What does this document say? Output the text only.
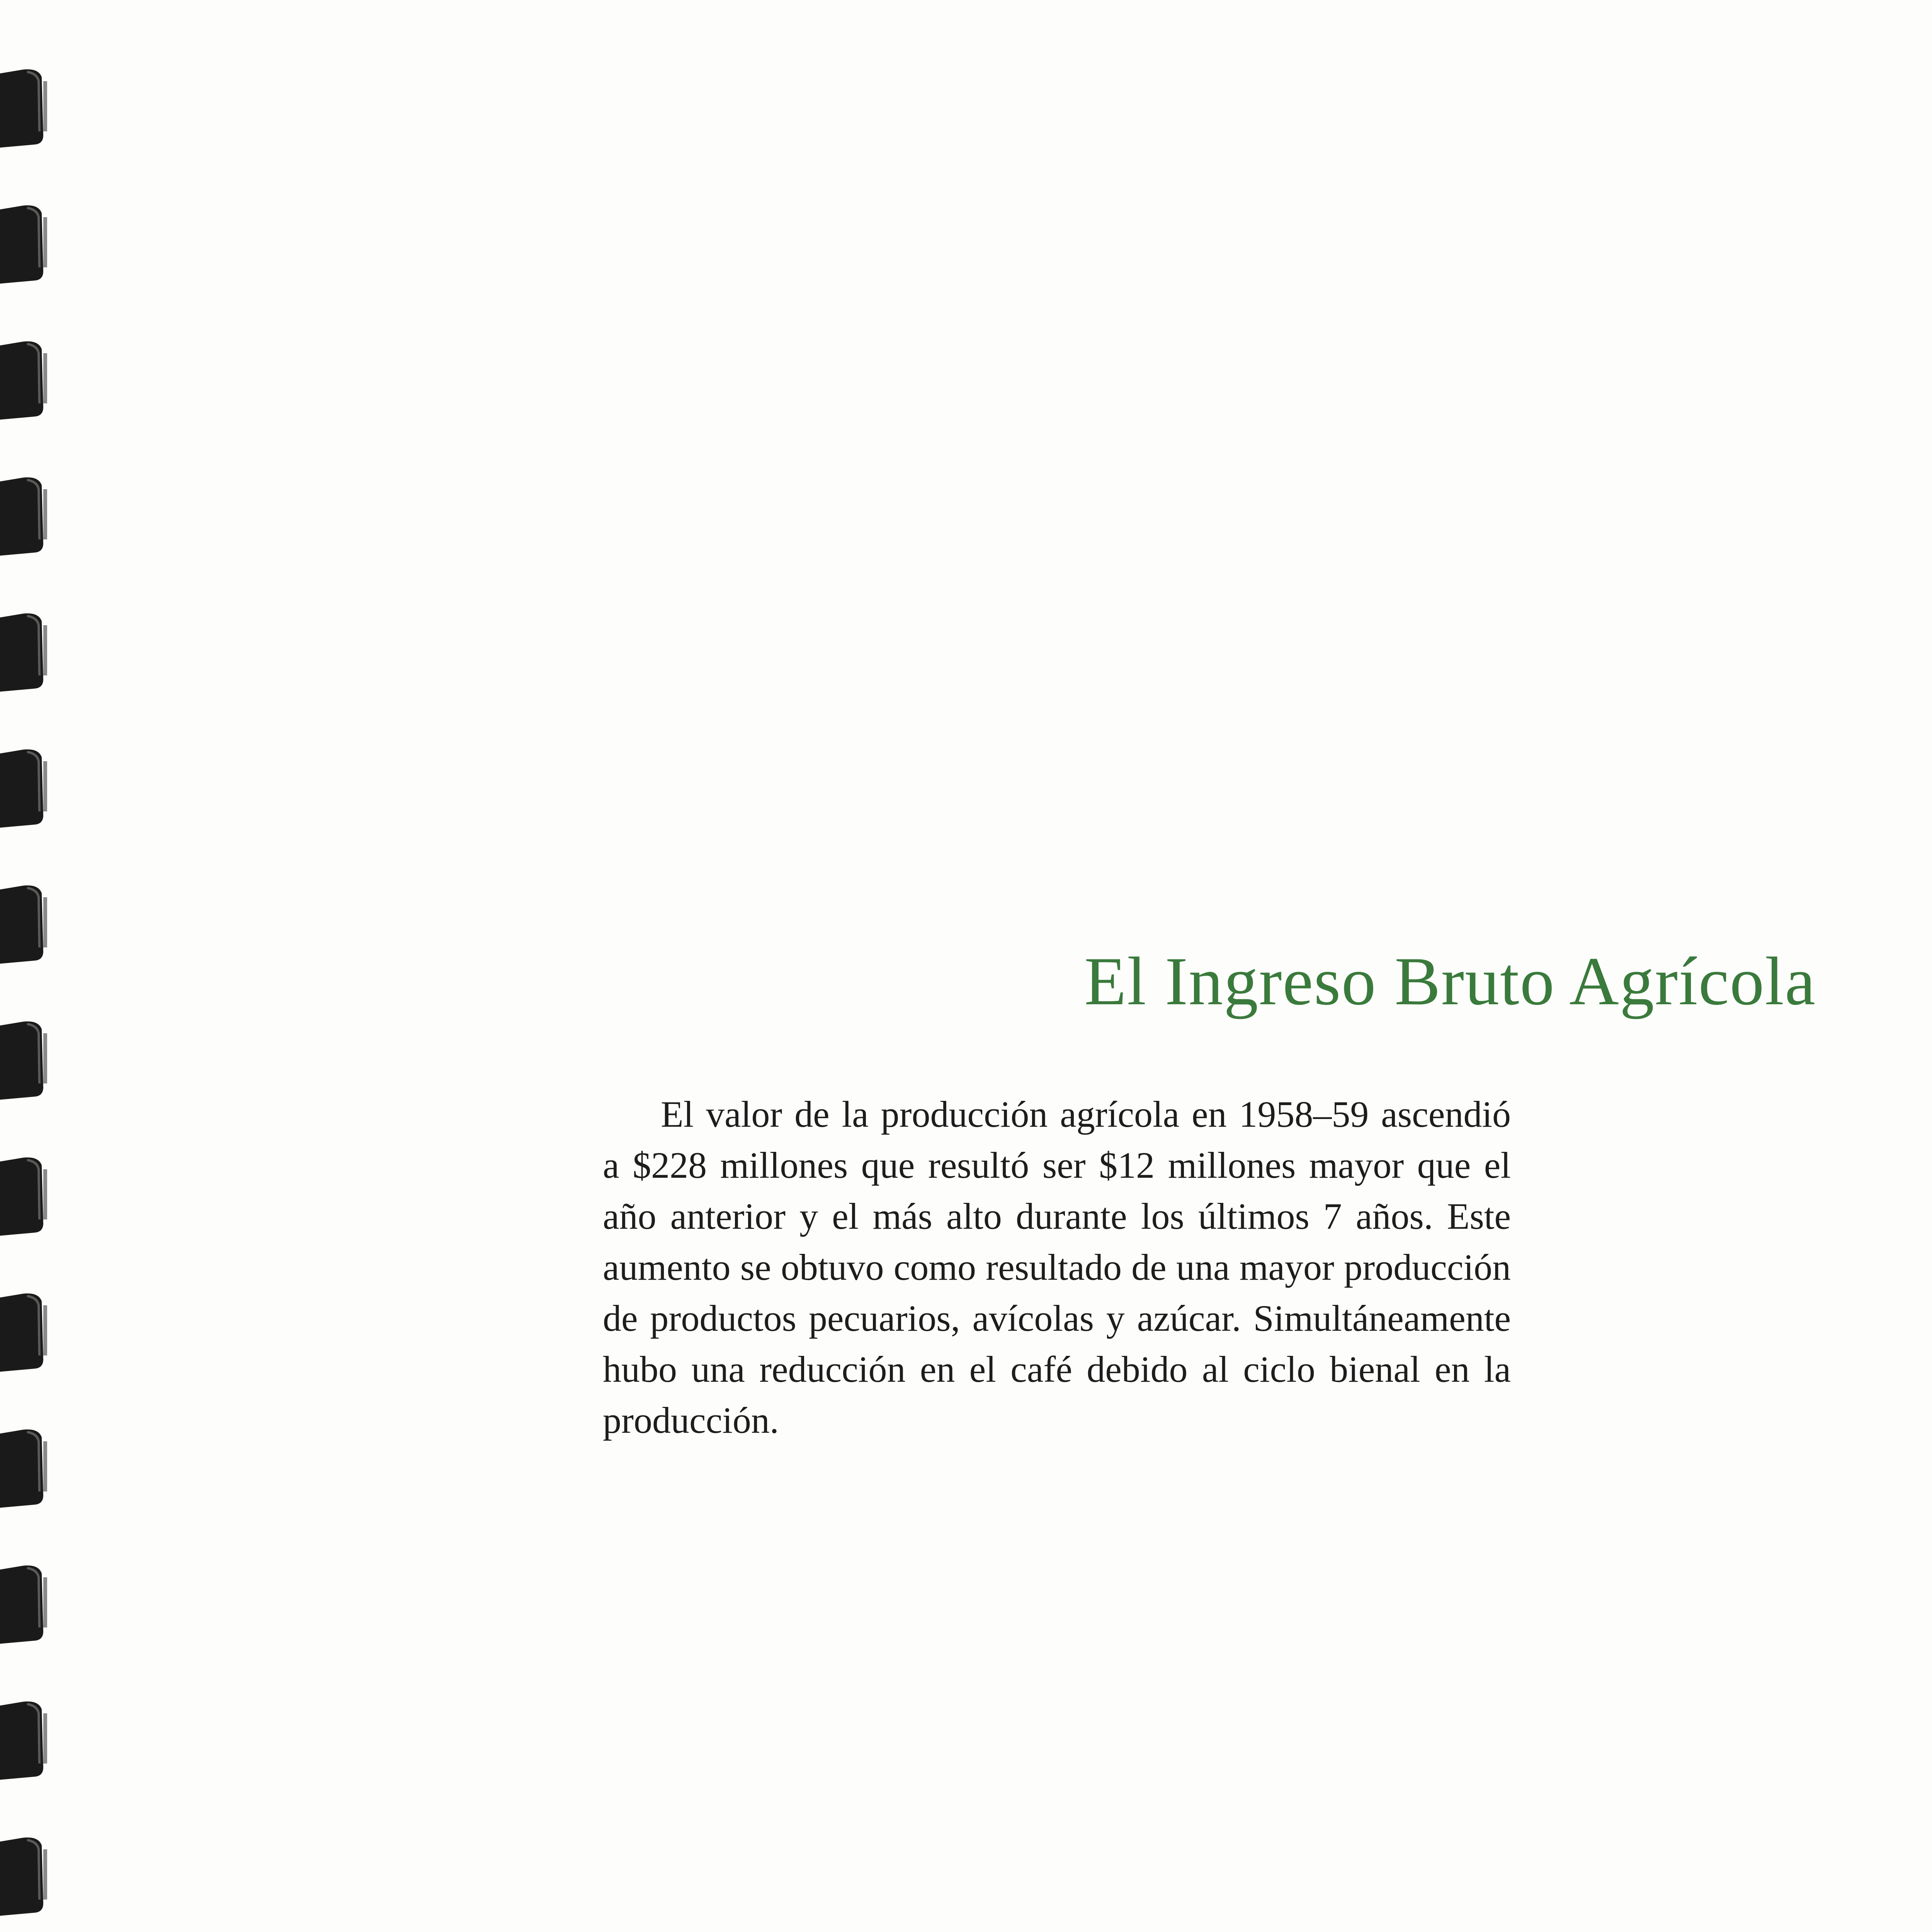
El Ingreso Bruto Agrícola

El valor de la producción agrícola en 1958–59 ascendió a $228 millones que resultó ser $12 millones mayor que el año anterior y el más alto durante los últimos 7 años. Este aumento se obtuvo como resultado de una mayor producción de productos pecuarios, avícolas y azúcar. Simultáneamente hubo una reducción en el café debido al ciclo bienal en la producción.
